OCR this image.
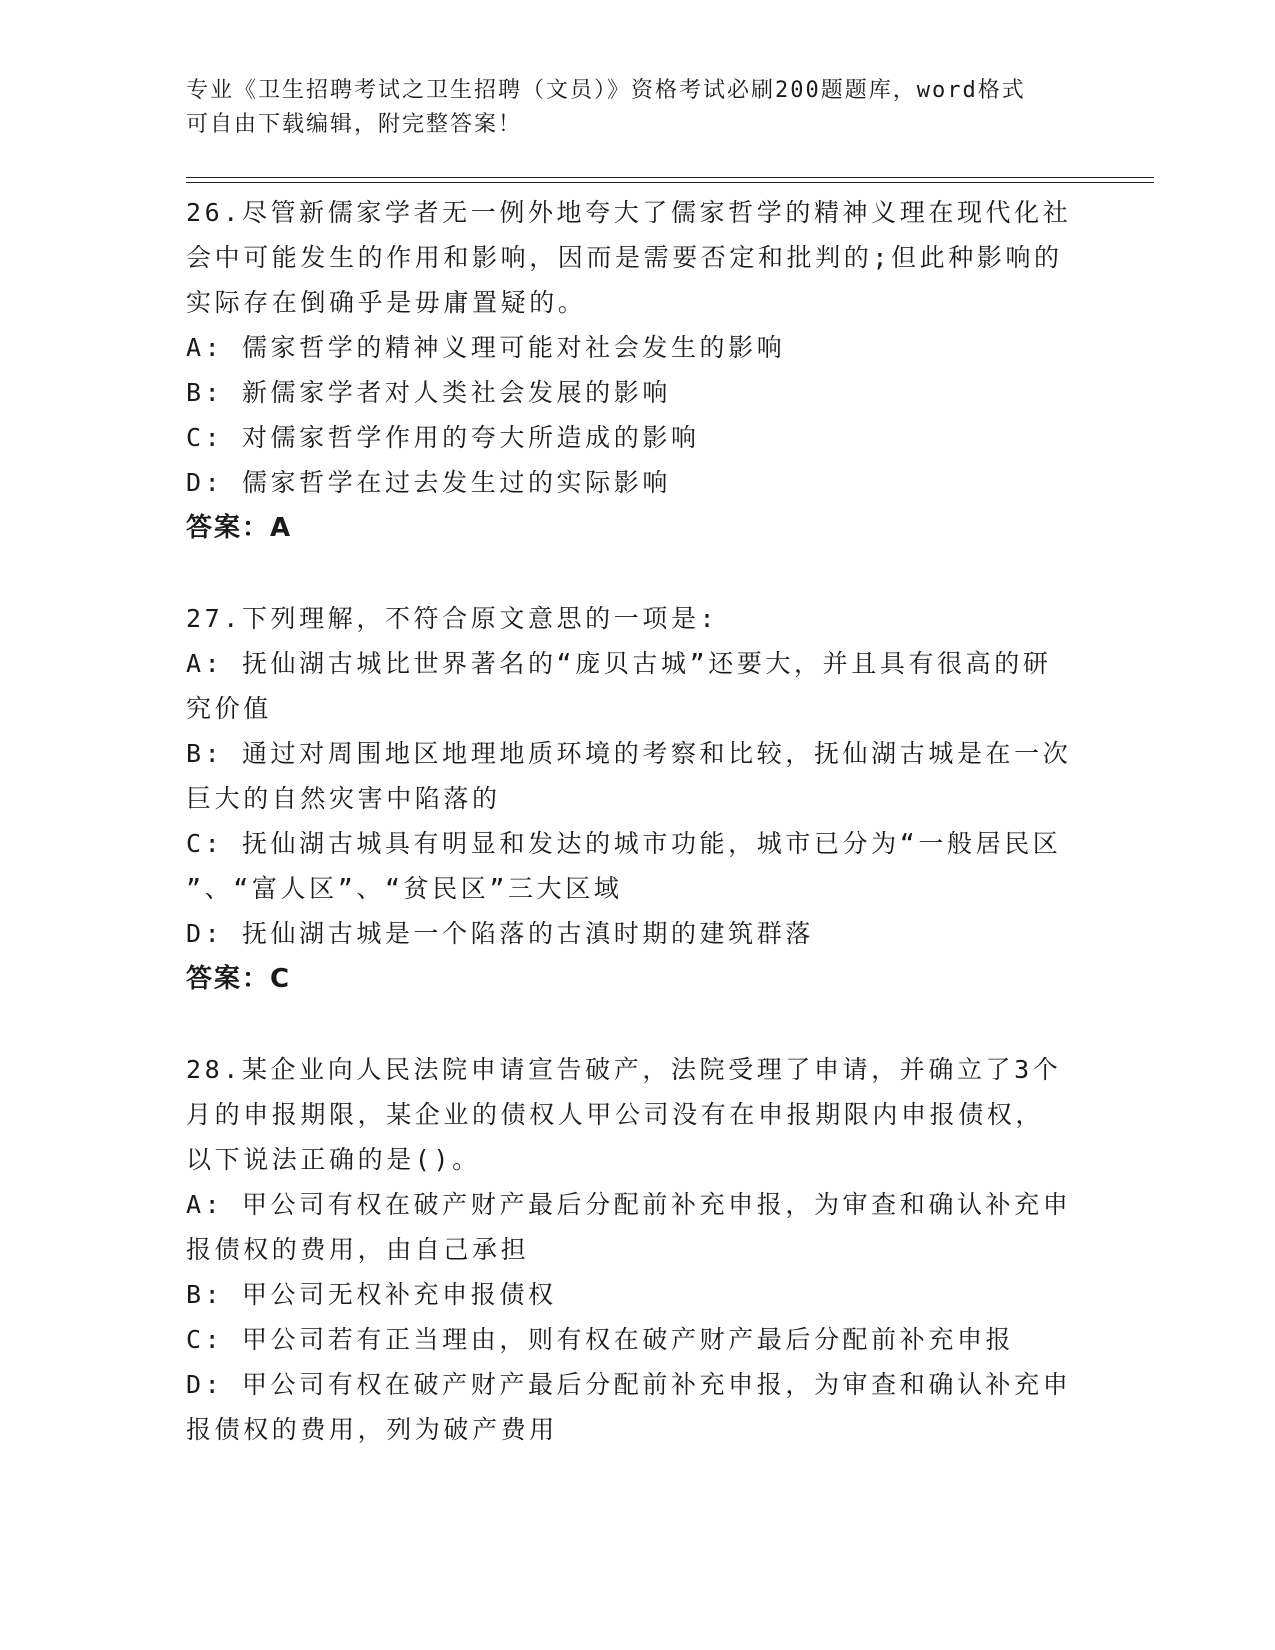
专业《卫生招聘考试之卫生招聘（文员）》资格考试必刷200题题库，word格式
可自由下载编辑，附完整答案！
26.尽管新儒家学者无一例外地夸大了儒家哲学的精神义理在现代化社
会中可能发生的作用和影响，因而是需要否定和批判的;但此种影响的
实际存在倒确乎是毋庸置疑的。
A: 儒家哲学的精神义理可能对社会发生的影响
B: 新儒家学者对人类社会发展的影响
C: 对儒家哲学作用的夸大所造成的影响
D: 儒家哲学在过去发生过的实际影响
答案：A
27.下列理解，不符合原文意思的一项是:
A: 抚仙湖古城比世界著名的“庞贝古城”还要大，并且具有很高的研
究价值
B: 通过对周围地区地理地质环境的考察和比较，抚仙湖古城是在一次
巨大的自然灾害中陷落的
C: 抚仙湖古城具有明显和发达的城市功能，城市已分为“一般居民区
”、“富人区”、“贫民区”三大区域
D: 抚仙湖古城是一个陷落的古滇时期的建筑群落
答案：C
28.某企业向人民法院申请宣告破产，法院受理了申请，并确立了3个
月的申报期限，某企业的债权人甲公司没有在申报期限内申报债权，
以下说法正确的是()。
A: 甲公司有权在破产财产最后分配前补充申报，为审查和确认补充申
报债权的费用，由自己承担
B: 甲公司无权补充申报债权
C: 甲公司若有正当理由，则有权在破产财产最后分配前补充申报
D: 甲公司有权在破产财产最后分配前补充申报，为审查和确认补充申
报债权的费用，列为破产费用
